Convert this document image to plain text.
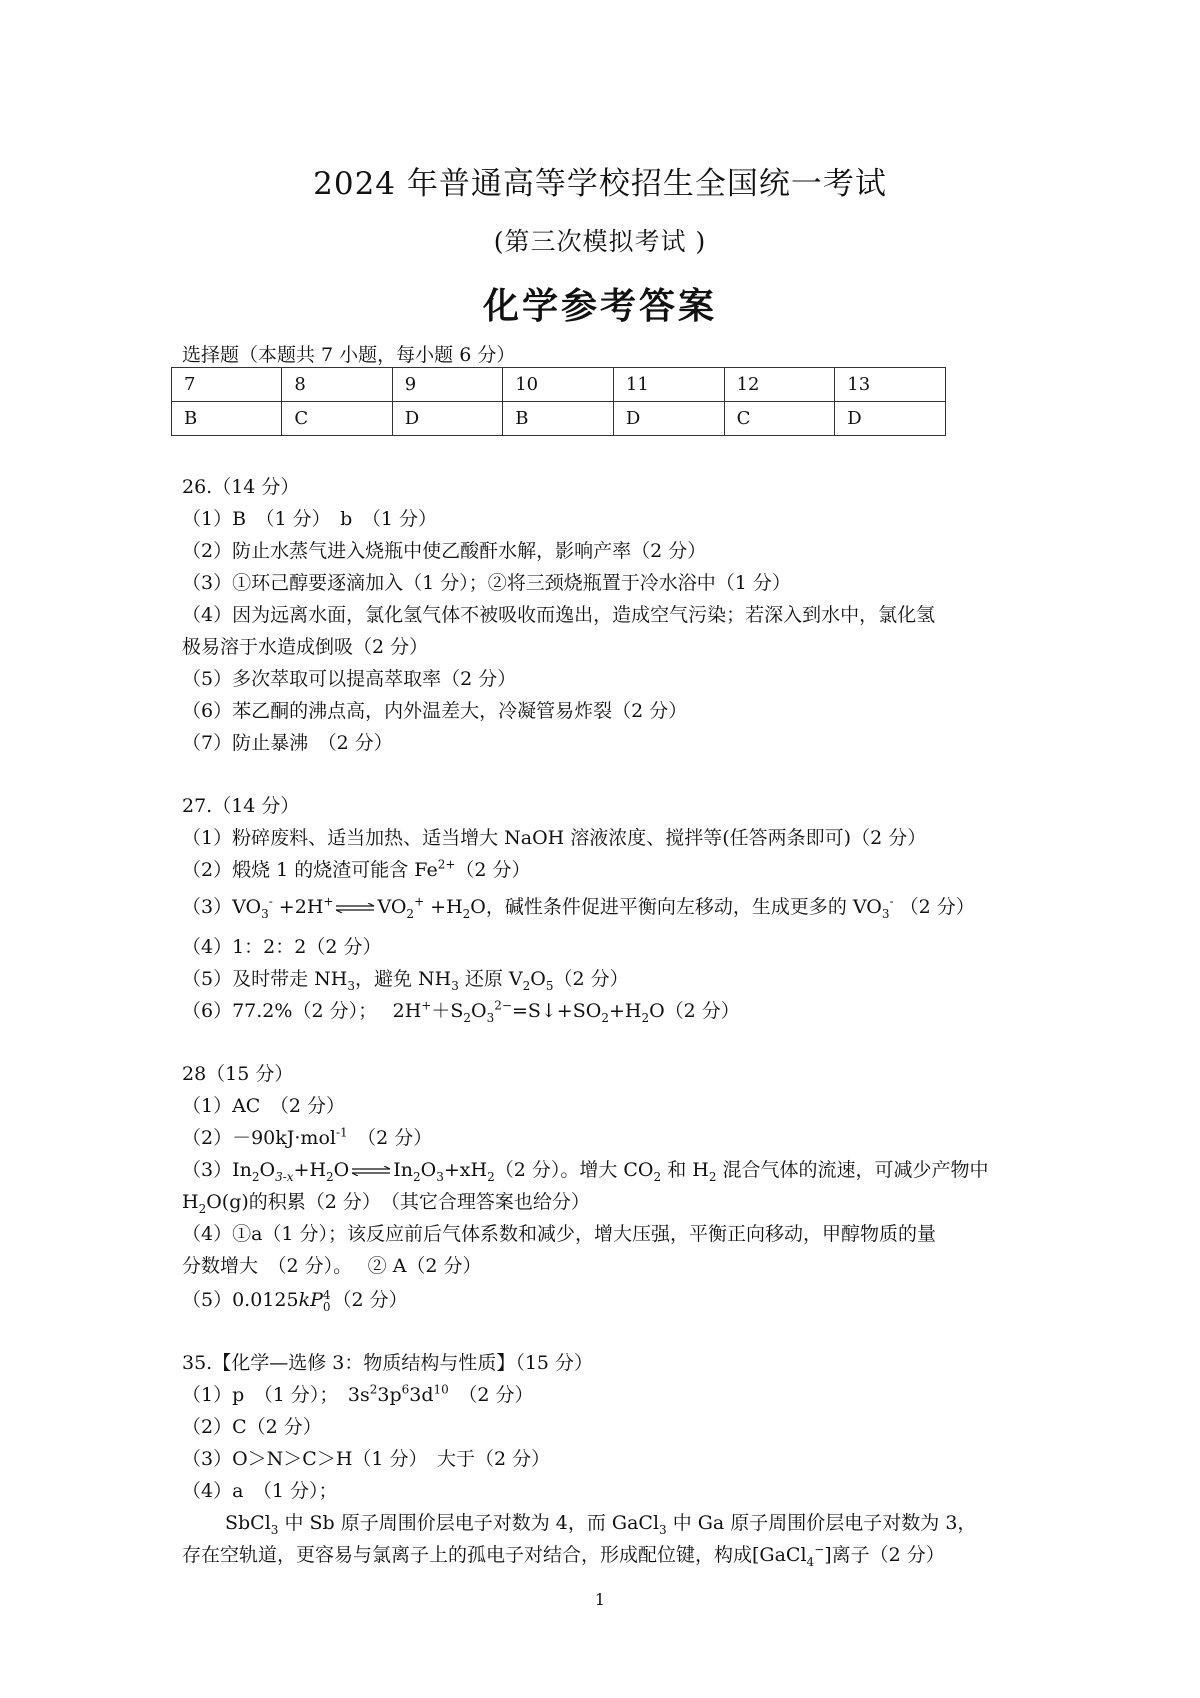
2024 年普通高等学校招生全国统一考试
(第三次模拟考试 )
化学参考答案
选择题（本题共 7 小题，每小题 6 分）
7	8	9	10	11	12	13
B	C	D	B	D	C	D
26.（14 分）
（1）B　（1 分）　b　（1 分）
（2）防止水蒸气进入烧瓶中使乙酸酐水解，影响产率（2 分）
（3）①环己醇要逐滴加入（1 分）；②将三颈烧瓶置于冷水浴中（1 分）
（4）因为远离水面，氯化氢气体不被吸收而逸出，造成空气污染；若深入到水中，氯化氢
极易溶于水造成倒吸（2 分）
（5）多次萃取可以提高萃取率（2 分）
（6）苯乙酮的沸点高，内外温差大，冷凝管易炸裂（2 分）
（7）防止暴沸　（2 分）
27.（14 分）
（1）粉碎废料、适当加热、适当增大 NaOH 溶液浓度、搅拌等(任答两条即可)（2 分）
（2）煅烧 1 的烧渣可能含 $Fe^{2+}(2$ 分）
$(3)VO_3^- +2H^+$ ⇌ $VO_2^+ +H_2O$，碱性条件促进平衡向左移动，生成更多的 $VO_3^-$ （2 分）
（4）1：2：2（2 分）
（5）及时带走 $NH_3$，避免 $NH_3$ 还原 $V_2O_5(2$ 分）
（6）77.2%（2 分）；　 $2H^++S_2O_3^{2-}=S↓+SO_2+H_2O(2$ 分）
28（15 分）
（1）AC　（2 分）
（2）－90kJ·mol$^{-1}$　（2 分）
$(3)In_2O_{3-x}+H_2O$ ⇌ $In_2O_3+xH_2(2$ 分）。增大 $CO_2$ 和 $H_2$ 混合气体的流速，可减少产物中
$H_2O(g)$的积累（2 分）　（其它合理答案也给分）
（4）①a（1 分）；该反应前后气体系数和减少，增大压强，平衡正向移动，甲醇物质的量
分数增大　（2 分）。　 ② A（2 分）
（5）0.0125kP 4
0 （2 分）
35.【化学—选修 3：物质结构与性质】（15 分）
（1）p　（1 分）；　$3s^23p^63d^{10}$　（2 分）
（2）C（2 分）
（3）O＞N＞C＞H（1 分）　大于（2 分）
（4）a　（1 分）；
SbCl$_3$ 中 Sb 原子周围价层电子对数为 4，而 GaCl$_3$ 中 Ga 原子周围价层电子对数为 3，
存在空轨道，更容易与氯离子上的孤电子对结合，形成配位键，构成[GaCl$_4$−]离子（2 分）
1
